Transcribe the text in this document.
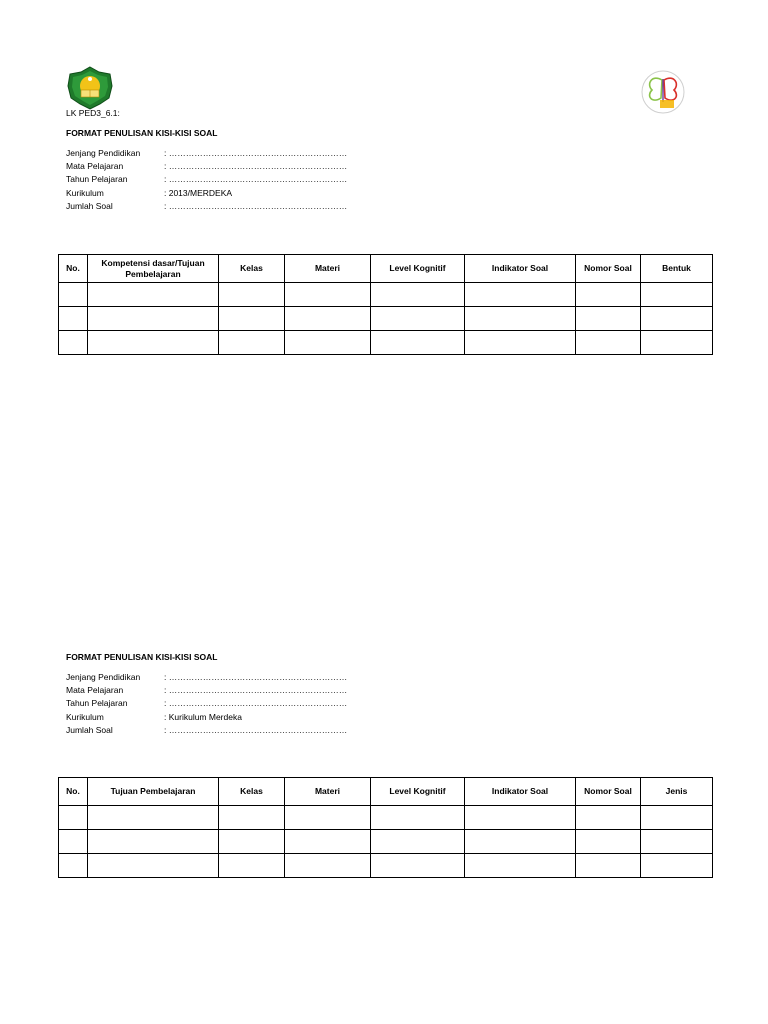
LK PED3_6.1:
FORMAT PENULISAN KISI-KISI SOAL
Jenjang Pendidikan	: ………………………………………………………
Mata Pelajaran	: ………………………………………………………
Tahun Pelajaran	: ………………………………………………………
Kurikulum	: 2013/MERDEKA
Jumlah Soal	: ………………………………………………………
No.	Kompetensi dasar/Tujuan Pembelajaran	Kelas	Materi	Level Kognitif	Indikator Soal	Nomor Soal	Bentuk

FORMAT PENULISAN KISI-KISI SOAL
Jenjang Pendidikan	: ………………………………………………………
Mata Pelajaran	: ………………………………………………………
Tahun Pelajaran	: ………………………………………………………
Kurikulum	: Kurikulum Merdeka
Jumlah Soal	: ………………………………………………………
No.	Tujuan Pembelajaran	Kelas	Materi	Level Kognitif	Indikator Soal	Nomor Soal	Jenis
